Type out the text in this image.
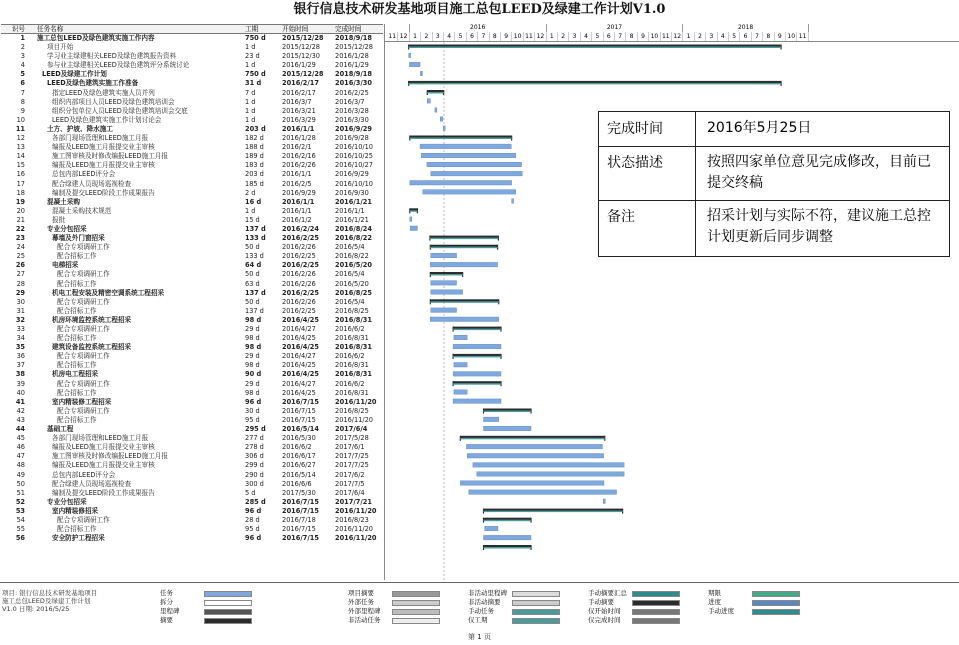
银行信息技术研发基地项目施工总包LEED及绿建工作计划V1.0
识号 任务名称	工期	开始时间	完成时间
1 施工总包LEED及绿色建筑实施工作内容	750 d	2015/12/28	2018/9/18
2	项目开始	1 d	2015/12/28	2015/12/28
3	学习业主绿建相关LEED及绿色建筑报告资料	23 d	2015/12/30	2016/1/28
4	参与业主绿建相关LEED及绿色建筑评分系统讨论	1 d	2016/1/29	2016/1/29
5	LEED及绿建工作计划	750 d	2015/12/28	2018/9/18
6	LEED及绿色建筑实施工作准备	31 d	2016/2/17	2016/3/30
7	指定LEED及绿色建筑实施人员并列	7 d	2016/2/17	2016/2/25
8	组织内部项目人员LEED及绿色建筑培训会	1 d	2016/3/7	2016/3/7
9	组织分包单位人员LEED及绿色建筑培训会交底	1 d	2016/3/21	2016/3/28
10	LEED及绿色建筑实施工作计划讨论会	1 d	2016/3/29	2016/3/30
11	土方、护坡、降水施工	203 d	2016/1/1	2016/9/29
12	各部门现场管理和LEED施工月报	182 d	2016/1/28	2016/9/28
13	编报及LEED施工月报提交业主审核	188 d	2016/2/1	2016/10/10
14	施工图审核及时修改编报LEED施工月报	189 d	2016/2/16	2016/10/25
15	编报及LEED施工月报提交业主审核	183 d	2016/2/26	2016/10/27
16	总包内部LEED评分会	203 d	2016/1/1	2016/9/29
17	配合绿建人员现场巡视检查	185 d	2016/2/5	2016/10/10
18	编制及提交LEED阶段工作成果报告	2 d	2016/9/29	2016/9/30
19	混凝土采购	16 d	2016/1/1	2016/1/21
20	混凝土采购技术规范	1 d	2016/1/1	2016/1/1
21	报批	15 d	2016/1/2	2016/1/21
22	专业分包招采	137 d	2016/2/24	2016/8/24
23	幕墙及外门窗招采	133 d	2016/2/25	2016/8/22
24	配合专项调研工作	50 d	2016/2/26	2016/5/4
25	配合招标工作	133 d	2016/2/25	2016/8/22
26	电梯招采	64 d	2016/2/25	2016/5/20
27	配合专项调研工作	50 d	2016/2/26	2016/5/4
28	配合招标工作	63 d	2016/2/26	2016/5/20
29	机电工程安装及精密空调系统工程招采	137 d	2016/2/25	2016/8/25
30	配合专项调研工作	50 d	2016/2/26	2016/5/4
31	配合招标工作	137 d	2016/2/25	2016/8/25
32	机房环境监控系统工程招采	98 d	2016/4/25	2016/8/31
33	配合专项调研工作	29 d	2016/4/27	2016/6/2
34	配合招标工作	98 d	2016/4/25	2016/8/31
35	建筑设备监控系统工程招采	98 d	2016/4/25	2016/8/31
36	配合专项调研工作	29 d	2016/4/27	2016/6/2
37	配合招标工作	98 d	2016/4/25	2016/8/31
38	机房电工程招采	90 d	2016/4/25	2016/8/31
39	配合专项调研工作	29 d	2016/4/27	2016/6/2
40	配合招标工作	98 d	2016/4/25	2016/8/31
41	室内精装修工程招采	96 d	2016/7/15	2016/11/20
42	配合专项调研工作	30 d	2016/7/15	2016/8/25
43	配合招标工作	95 d	2016/7/15	2016/11/20
44	基础工程	295 d	2016/5/14	2017/6/4
45	各部门现场管理和LEED施工月报	277 d	2016/5/30	2017/5/28
46	编报及LEED施工月报提交业主审核	278 d	2016/6/2	2017/6/1
47	施工图审核及时修改编报LEED施工月报	306 d	2016/6/17	2017/7/25
48	编报及LEED施工月报提交业主审核	299 d	2016/6/27	2017/7/25
49	总包内部LEED评分会	290 d	2016/5/14	2017/6/2
50	配合绿建人员现场巡视检查	300 d	2016/6/6	2017/7/5
51	编制及提交LEED阶段工作成果报告	5 d	2017/5/30	2017/6/4
52	专业分包招采	285 d	2016/7/15	2017/7/21
53	室内精装修招采	96 d	2016/7/15	2016/11/20
54	配合专项调研工作	28 d	2016/7/18	2016/8/23
55	配合招标工作	95 d	2016/7/15	2016/11/20
56	安全防护工程招采	96 d	2016/7/15	2016/11/20
2016	2017	2018
11 12 1	2	3	4	5	6	7	8	9 10 11 12 1	2	3	4	5	6	7	8	9 10 11 12 1	2	3	4	5	6	7	8	9 10 11
完成时间	2016年5月25日
状态描述	按照四家单位意见完成修改，目前已提交终稿
备注	招采计划与实际不符，建议施工总控计划更新后同步调整
项目: 银行信息技术研发基地项目施工总包LEED及绿建工作计划V1.0 日期: 2016/5/25
任务
拆分
里程碑
摘要
项目摘要
外部任务
外部里程碑
非活动任务
非活动里程碑
非活动摘要
手动任务
仅工期
手动摘要汇总
手动摘要
仅开始时间
仅完成时间
期限
进度
手动进度
第 1 页
